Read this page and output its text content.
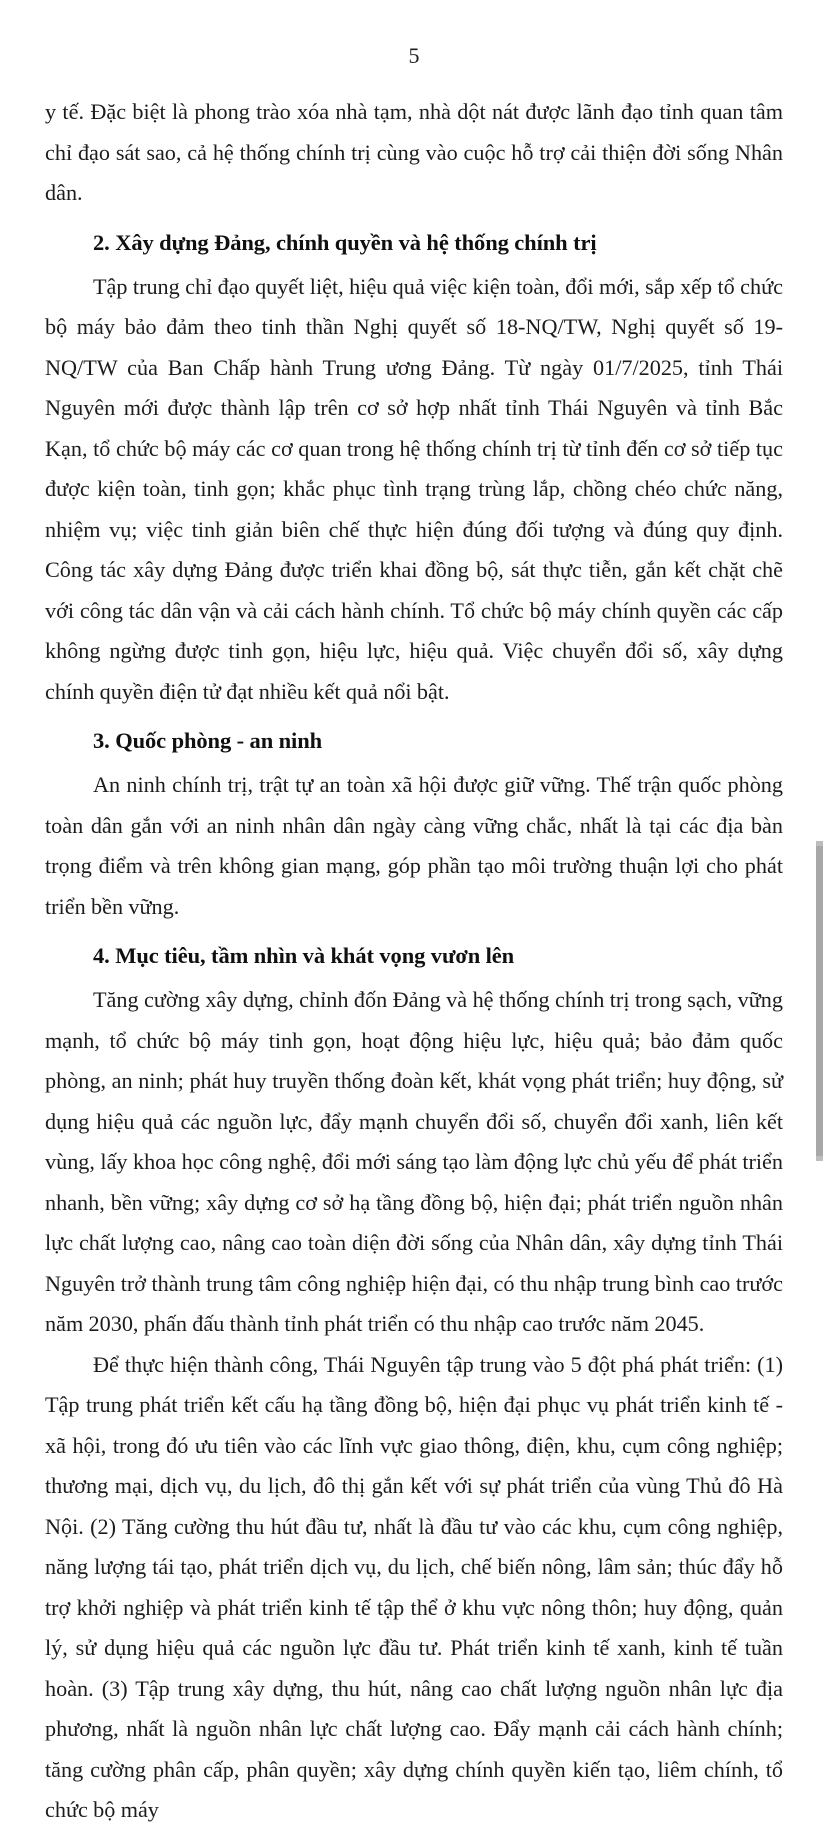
5

y tế. Đặc biệt là phong trào xóa nhà tạm, nhà dột nát được lãnh đạo tỉnh quan tâm chỉ đạo sát sao, cả hệ thống chính trị cùng vào cuộc hỗ trợ cải thiện đời sống Nhân dân.

2. Xây dựng Đảng, chính quyền và hệ thống chính trị

Tập trung chỉ đạo quyết liệt, hiệu quả việc kiện toàn, đổi mới, sắp xếp tổ chức bộ máy bảo đảm theo tinh thần Nghị quyết số 18-NQ/TW, Nghị quyết số 19-NQ/TW của Ban Chấp hành Trung ương Đảng. Từ ngày 01/7/2025, tỉnh Thái Nguyên mới được thành lập trên cơ sở hợp nhất tỉnh Thái Nguyên và tỉnh Bắc Kạn, tổ chức bộ máy các cơ quan trong hệ thống chính trị từ tỉnh đến cơ sở tiếp tục được kiện toàn, tinh gọn; khắc phục tình trạng trùng lắp, chồng chéo chức năng, nhiệm vụ; việc tinh giản biên chế thực hiện đúng đối tượng và đúng quy định. Công tác xây dựng Đảng được triển khai đồng bộ, sát thực tiễn, gắn kết chặt chẽ với công tác dân vận và cải cách hành chính. Tổ chức bộ máy chính quyền các cấp không ngừng được tinh gọn, hiệu lực, hiệu quả. Việc chuyển đổi số, xây dựng chính quyền điện tử đạt nhiều kết quả nổi bật.

3. Quốc phòng - an ninh

An ninh chính trị, trật tự an toàn xã hội được giữ vững. Thế trận quốc phòng toàn dân gắn với an ninh nhân dân ngày càng vững chắc, nhất là tại các địa bàn trọng điểm và trên không gian mạng, góp phần tạo môi trường thuận lợi cho phát triển bền vững.

4. Mục tiêu, tầm nhìn và khát vọng vươn lên

Tăng cường xây dựng, chỉnh đốn Đảng và hệ thống chính trị trong sạch, vững mạnh, tổ chức bộ máy tinh gọn, hoạt động hiệu lực, hiệu quả; bảo đảm quốc phòng, an ninh; phát huy truyền thống đoàn kết, khát vọng phát triển; huy động, sử dụng hiệu quả các nguồn lực, đẩy mạnh chuyển đổi số, chuyển đổi xanh, liên kết vùng, lấy khoa học công nghệ, đổi mới sáng tạo làm động lực chủ yếu để phát triển nhanh, bền vững; xây dựng cơ sở hạ tầng đồng bộ, hiện đại; phát triển nguồn nhân lực chất lượng cao, nâng cao toàn diện đời sống của Nhân dân, xây dựng tỉnh Thái Nguyên trở thành trung tâm công nghiệp hiện đại, có thu nhập trung bình cao trước năm 2030, phấn đấu thành tỉnh phát triển có thu nhập cao trước năm 2045.

Để thực hiện thành công, Thái Nguyên tập trung vào 5 đột phá phát triển: (1) Tập trung phát triển kết cấu hạ tầng đồng bộ, hiện đại phục vụ phát triển kinh tế - xã hội, trong đó ưu tiên vào các lĩnh vực giao thông, điện, khu, cụm công nghiệp; thương mại, dịch vụ, du lịch, đô thị gắn kết với sự phát triển của vùng Thủ đô Hà Nội. (2) Tăng cường thu hút đầu tư, nhất là đầu tư vào các khu, cụm công nghiệp, năng lượng tái tạo, phát triển dịch vụ, du lịch, chế biến nông, lâm sản; thúc đẩy hỗ trợ khởi nghiệp và phát triển kinh tế tập thể ở khu vực nông thôn; huy động, quản lý, sử dụng hiệu quả các nguồn lực đầu tư. Phát triển kinh tế xanh, kinh tế tuần hoàn. (3) Tập trung xây dựng, thu hút, nâng cao chất lượng nguồn nhân lực địa phương, nhất là nguồn nhân lực chất lượng cao. Đẩy mạnh cải cách hành chính; tăng cường phân cấp, phân quyền; xây dựng chính quyền kiến tạo, liêm chính, tổ chức bộ máy
